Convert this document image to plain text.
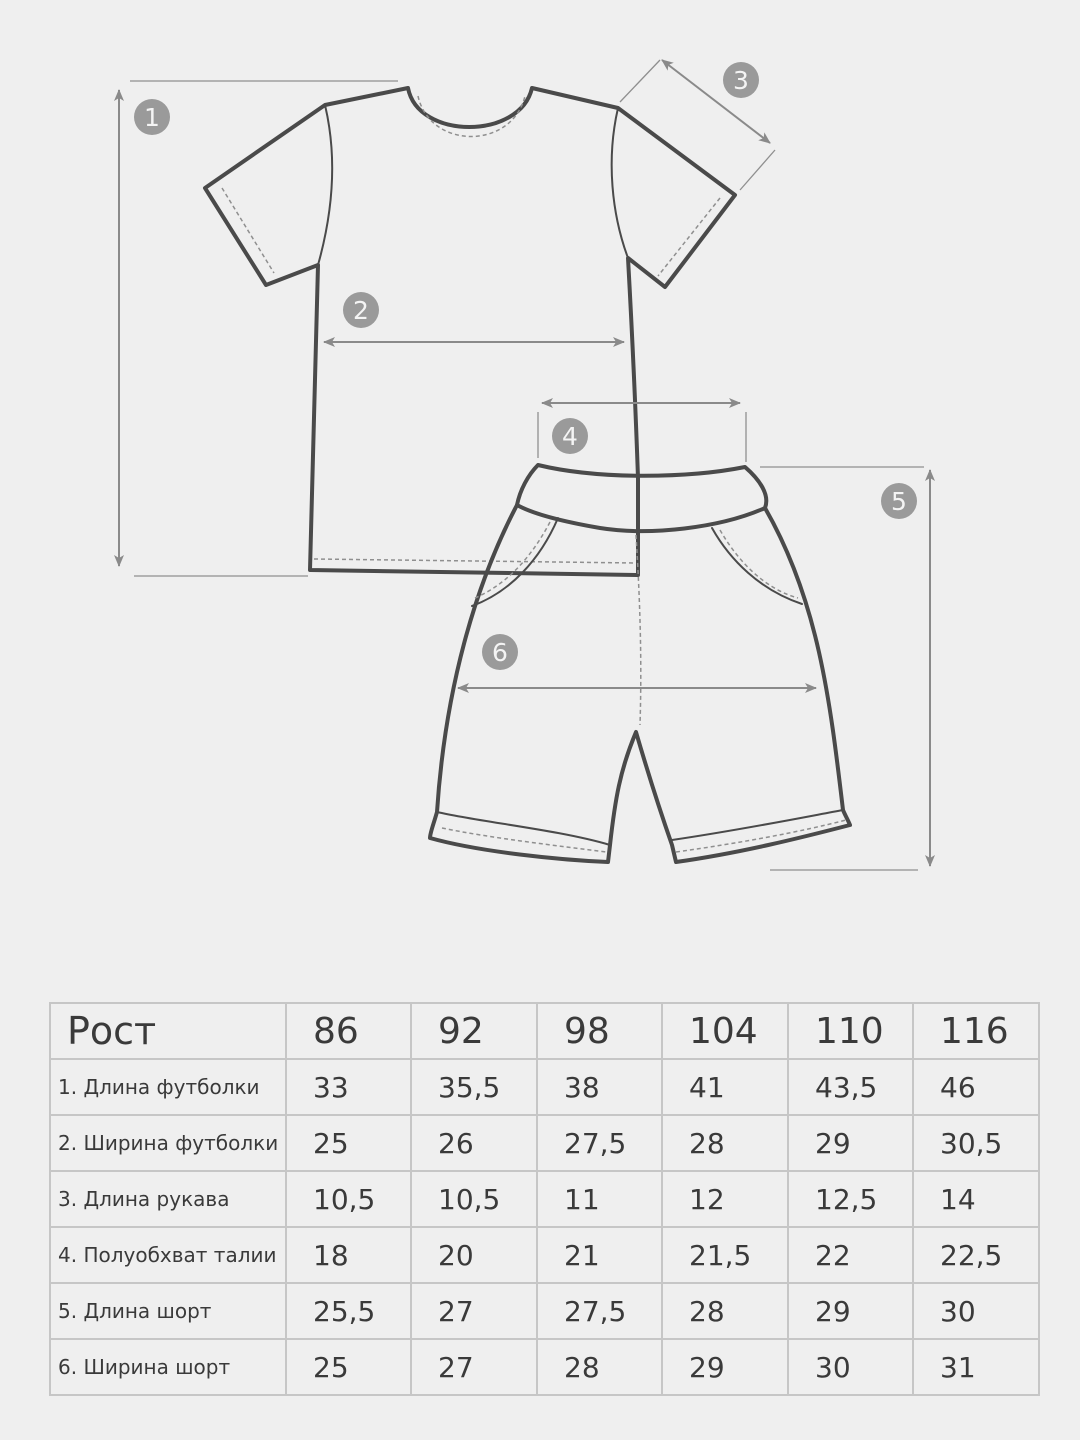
1
2
3
4
5
6
Рост	86	92	98	104	110	116
1. Длина футболки	33	35,5	38	41	43,5	46
2. Ширина футболки	25	26	27,5	28	29	30,5
3. Длина рукава	10,5	10,5	11	12	12,5	14
4. Полуобхват талии	18	20	21	21,5	22	22,5
5. Длина шорт	25,5	27	27,5	28	29	30
6. Ширина шорт	25	27	28	29	30	31
